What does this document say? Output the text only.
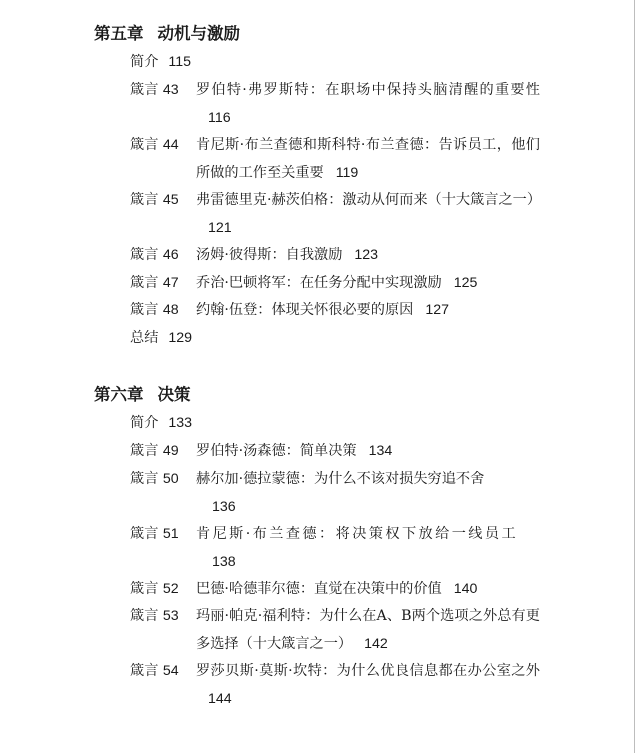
第五章 动机与激励
简介 115
箴言 43 罗伯特·弗罗斯特：在职场中保持头脑清醒的重要性116
箴言 44 肯尼斯·布兰查德和斯科特·布兰查德：告诉员工，他们所做的工作至关重要 119
箴言 45 弗雷德里克·赫茨伯格：激动从何而来（十大箴言之一）121
箴言 46 汤姆·彼得斯：自我激励 123
箴言 47 乔治·巴顿将军：在任务分配中实现激励 125
箴言 48 约翰·伍登：体现关怀很必要的原因 127
总结 129
第六章 决策
简介 133
箴言 49 罗伯特·汤森德：简单决策 134
箴言 50 赫尔加·德拉蒙德：为什么不该对损失穷追不舍
136
箴言 51 肯尼斯·布兰查德：将决策权下放给一线员工
138
箴言 52 巴德·哈德菲尔德：直觉在决策中的价值 140
箴言 53 玛丽·帕克·福利特：为什么在A、B两个选项之外总有更多选择（十大箴言之一） 142
箴言 54 罗莎贝斯·莫斯·坎特：为什么优良信息都在办公室之外144
